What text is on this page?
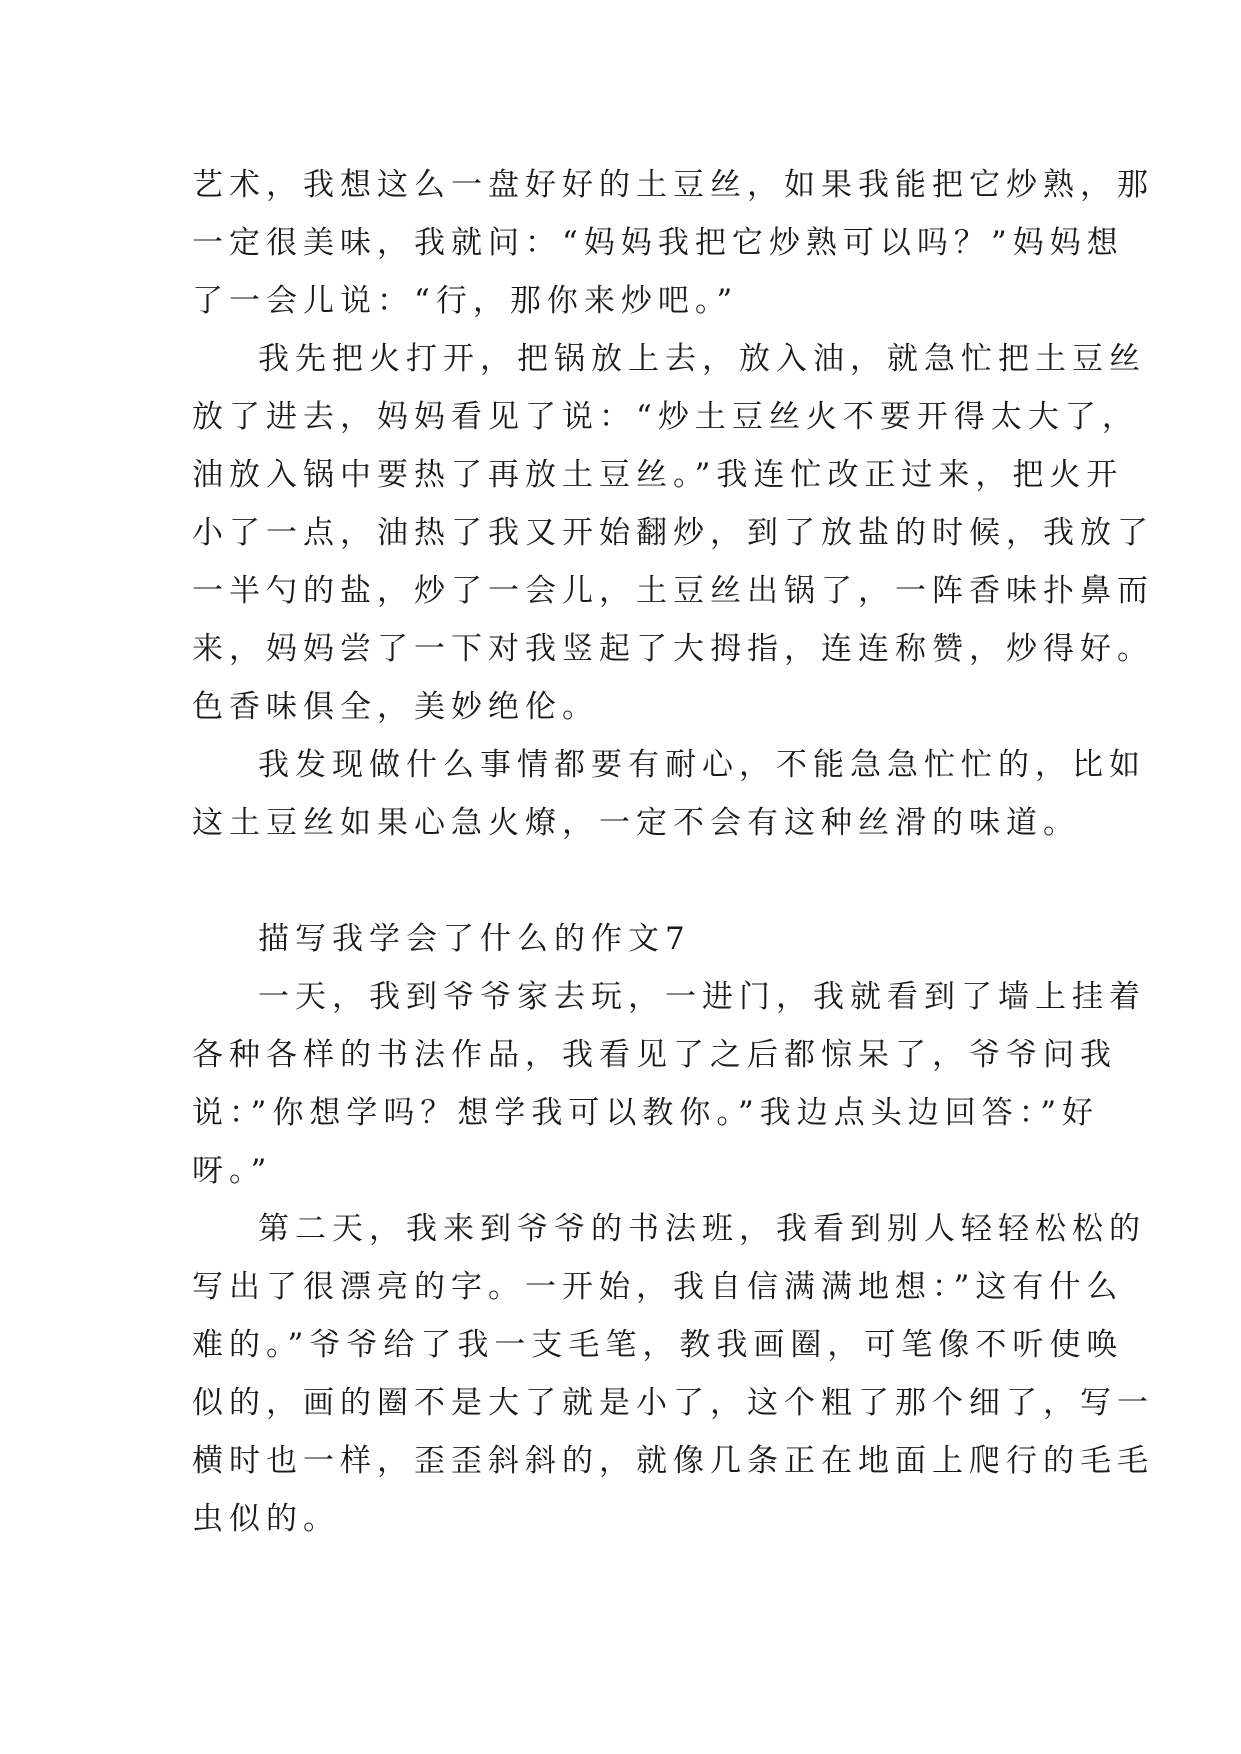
艺术，我想这么一盘好好的土豆丝，如果我能把它炒熟，那
一定很美味，我就问：“妈妈我把它炒熟可以吗？”妈妈想
了一会儿说：“行，那你来炒吧。”
我先把火打开，把锅放上去，放入油，就急忙把土豆丝
放了进去，妈妈看见了说：“炒土豆丝火不要开得太大了，
油放入锅中要热了再放土豆丝。”我连忙改正过来，把火开
小了一点，油热了我又开始翻炒，到了放盐的时候，我放了
一半勺的盐，炒了一会儿，土豆丝出锅了，一阵香味扑鼻而
来，妈妈尝了一下对我竖起了大拇指，连连称赞，炒得好。
色香味俱全，美妙绝伦。
我发现做什么事情都要有耐心，不能急急忙忙的，比如
这土豆丝如果心急火燎，一定不会有这种丝滑的味道。
描写我学会了什么的作文7
一天，我到爷爷家去玩，一进门，我就看到了墙上挂着
各种各样的书法作品，我看见了之后都惊呆了，爷爷问我
说：”你想学吗？想学我可以教你。”我边点头边回答：”好
呀。”
第二天，我来到爷爷的书法班，我看到别人轻轻松松的
写出了很漂亮的字。一开始，我自信满满地想：”这有什么
难的。”爷爷给了我一支毛笔，教我画圈，可笔像不听使唤
似的，画的圈不是大了就是小了，这个粗了那个细了，写一
横时也一样，歪歪斜斜的，就像几条正在地面上爬行的毛毛
虫似的。
